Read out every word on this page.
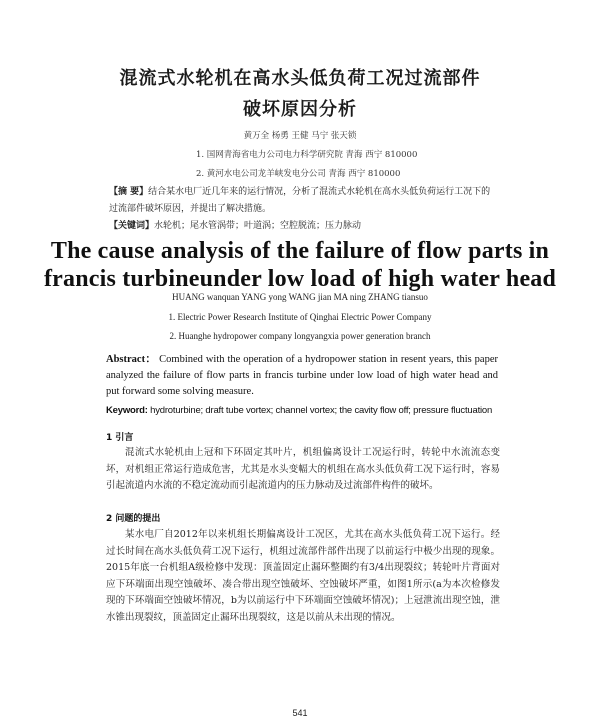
混流式水轮机在高水头低负荷工况过流部件
破坏原因分析
黄万全 杨勇 王健 马宁 张天锁
1. 国网青海省电力公司电力科学研究院 青海 西宁 810000
2. 黄河水电公司龙羊峡发电分公司 青海 西宁 810000
【摘 要】结合某水电厂近几年来的运行情况，分析了混流式水轮机在高水头低负荷运行工况下的过流部件破坏原因，并提出了解决措施。
【关键词】水轮机；尾水管涡带；叶道涡；空腔脱流；压力脉动
The cause analysis of the failure of flow parts in
francis turbineunder low load of high water head
HUANG wanquan YANG yong WANG jian MA ning ZHANG tiansuo
1. Electric Power Research Institute of Qinghai Electric Power Company
2. Huanghe hydropower company longyangxia power generation branch
Abstract： Combined with the operation of a hydropower station in resent years, this paper analyzed the failure of flow parts in francis turbine under low load of high water head and put forward some solving measure.
Keyword: hydroturbine; draft tube vortex; channel vortex; the cavity flow off; pressure fluctuation
1 引言

混流式水轮机由上冠和下环固定其叶片，机组偏离设计工况运行时，转轮中水流流态变坏，对机组正常运行造成危害，尤其是水头变幅大的机组在高水头低负荷工况下运行时，容易引起流道内水流的不稳定流动而引起流道内的压力脉动及过流部件构件的破坏。

2 问题的提出

某水电厂自2012年以来机组长期偏离设计工况区，尤其在高水头低负荷工况下运行。经过长时间在高水头低负荷工况下运行，机组过流部件部件出现了以前运行中极少出现的现象。2015年底一台机组A级检修中发现：顶盖固定止漏环整圈约有3/4出现裂纹；转轮叶片背面对应下环端面出现空蚀破坏、凑合带出现空蚀破坏、空蚀破坏严重，如图1所示(a为本次检修发现的下环端面空蚀破坏情况，b为以前运行中下环端面空蚀破坏情况)；上冠泄流出现空蚀，泄水锥出现裂纹，顶盖固定止漏环出现裂纹，这是以前从未出现的情况。

541
